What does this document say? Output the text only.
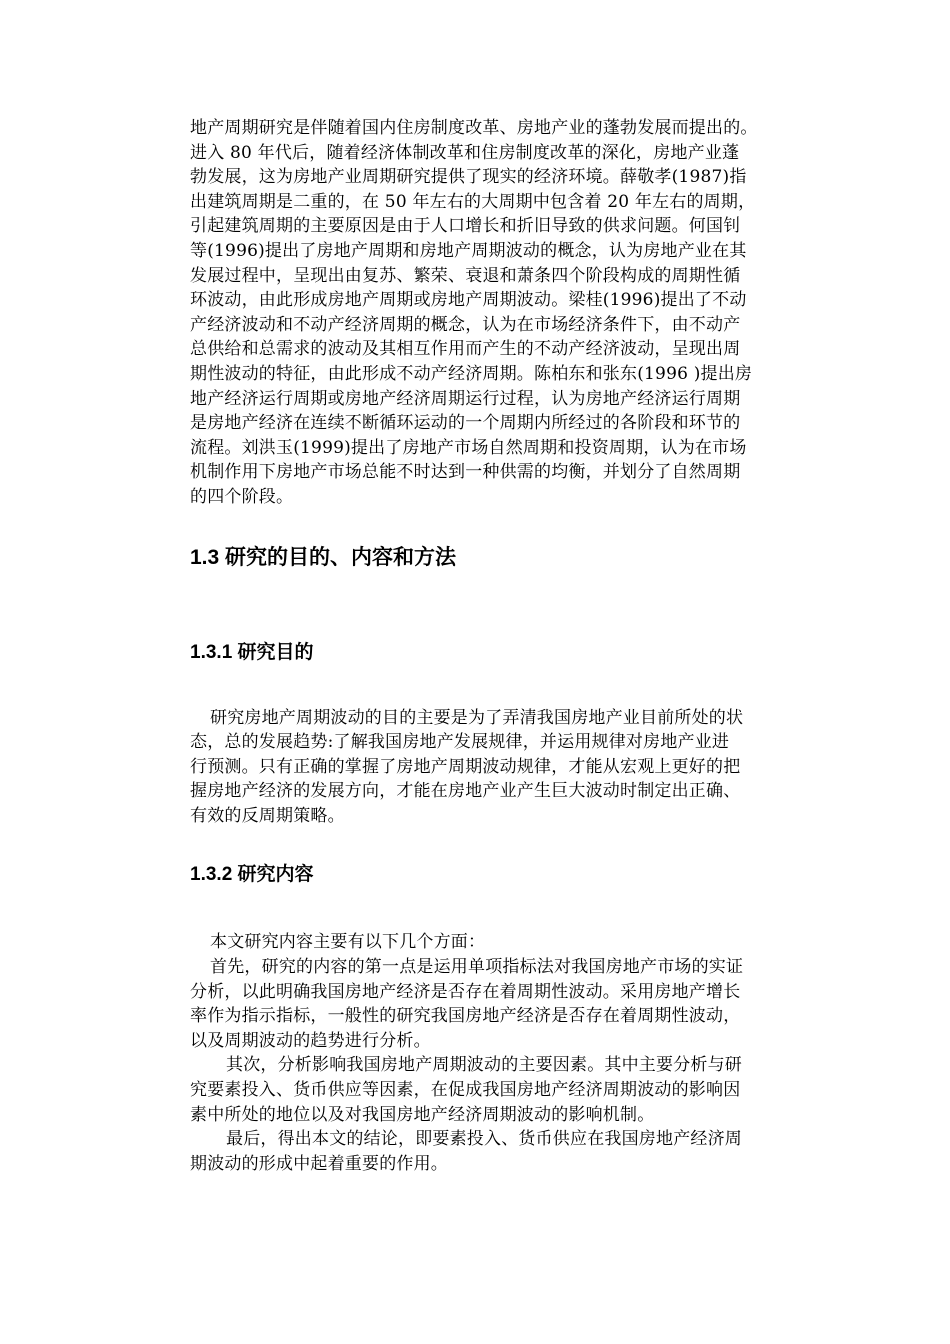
地产周期研究是伴随着国内住房制度改革、房地产业的蓬勃发展而提出的。
进入 80 年代后，随着经济体制改革和住房制度改革的深化，房地产业蓬
勃发展，这为房地产业周期研究提供了现实的经济环境。薛敬孝(1987)指
出建筑周期是二重的，在 50 年左右的大周期中包含着 20 年左右的周期，
引起建筑周期的主要原因是由于人口增长和折旧导致的供求问题。何国钊
等(1996)提出了房地产周期和房地产周期波动的概念，认为房地产业在其
发展过程中，呈现出由复苏、繁荣、衰退和萧条四个阶段构成的周期性循
环波动，由此形成房地产周期或房地产周期波动。梁桂(1996)提出了不动
产经济波动和不动产经济周期的概念，认为在市场经济条件下，由不动产
总供给和总需求的波动及其相互作用而产生的不动产经济波动，呈现出周
期性波动的特征，由此形成不动产经济周期。陈柏东和张东(1996 )提出房
地产经济运行周期或房地产经济周期运行过程，认为房地产经济运行周期
是房地产经济在连续不断循环运动的一个周期内所经过的各阶段和环节的
流程。刘洪玉(1999)提出了房地产市场自然周期和投资周期，认为在市场
机制作用下房地产市场总能不时达到一种供需的均衡，并划分了自然周期
的四个阶段。
1.3 研究的目的、内容和方法
1.3.1 研究目的
研究房地产周期波动的目的主要是为了弄清我国房地产业目前所处的状
态，总的发展趋势:了解我国房地产发展规律，并运用规律对房地产业进
行预测。只有正确的掌握了房地产周期波动规律，才能从宏观上更好的把
握房地产经济的发展方向，才能在房地产业产生巨大波动时制定出正确、
有效的反周期策略。
1.3.2 研究内容
本文研究内容主要有以下几个方面：
首先，研究的内容的第一点是运用单项指标法对我国房地产市场的实证
分析，以此明确我国房地产经济是否存在着周期性波动。采用房地产增长
率作为指示指标，一般性的研究我国房地产经济是否存在着周期性波动，
以及周期波动的趋势进行分析。
其次，分析影响我国房地产周期波动的主要因素。其中主要分析与研
究要素投入、货币供应等因素，在促成我国房地产经济周期波动的影响因
素中所处的地位以及对我国房地产经济周期波动的影响机制。
最后，得出本文的结论，即要素投入、货币供应在我国房地产经济周
期波动的形成中起着重要的作用。
